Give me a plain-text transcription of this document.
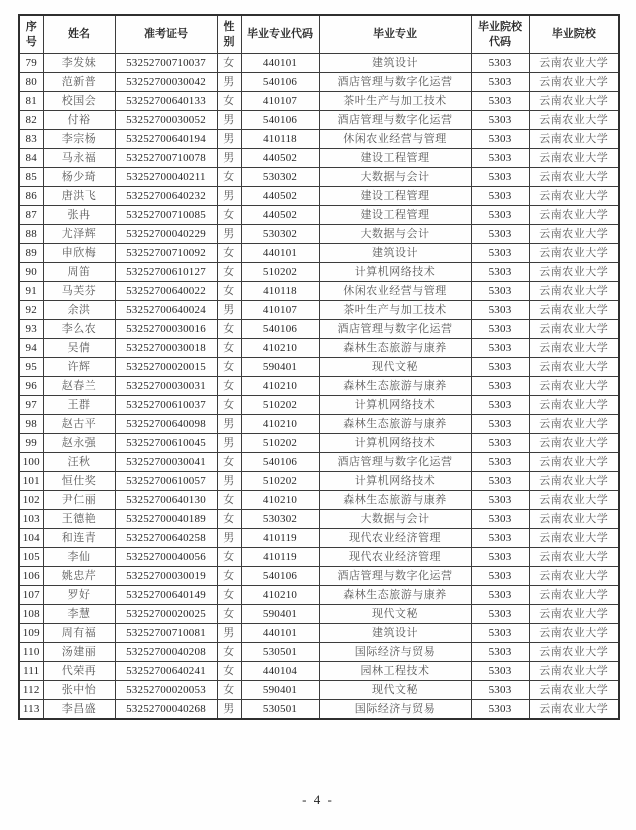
序号	姓名	准考证号	性别	毕业专业代码	毕业专业	毕业院校代码	毕业院校
79	李发妹	53252700710037	女	440101	建筑设计	5303	云南农业大学
80	范新普	53252700030042	男	540106	酒店管理与数字化运营	5303	云南农业大学
81	校国会	53252700640133	女	410107	茶叶生产与加工技术	5303	云南农业大学
82	付裕	53252700030052	男	540106	酒店管理与数字化运营	5303	云南农业大学
83	李宗杨	53252700640194	男	410118	休闲农业经营与管理	5303	云南农业大学
84	马永福	53252700710078	男	440502	建设工程管理	5303	云南农业大学
85	杨少琦	53252700040211	女	530302	大数据与会计	5303	云南农业大学
86	唐洪飞	53252700640232	男	440502	建设工程管理	5303	云南农业大学
87	张冉	53252700710085	女	440502	建设工程管理	5303	云南农业大学
88	尤泽辉	53252700040229	男	530302	大数据与会计	5303	云南农业大学
89	申欣梅	53252700710092	女	440101	建筑设计	5303	云南农业大学
90	周笛	53252700610127	女	510202	计算机网络技术	5303	云南农业大学
91	马芙芬	53252700640022	女	410118	休闲农业经营与管理	5303	云南农业大学
92	余洪	53252700640024	男	410107	茶叶生产与加工技术	5303	云南农业大学
93	李么农	53252700030016	女	540106	酒店管理与数字化运营	5303	云南农业大学
94	吴倩	53252700030018	女	410210	森林生态旅游与康养	5303	云南农业大学
95	许辉	53252700020015	女	590401	现代文秘	5303	云南农业大学
96	赵春兰	53252700030031	女	410210	森林生态旅游与康养	5303	云南农业大学
97	王群	53252700610037	女	510202	计算机网络技术	5303	云南农业大学
98	赵古平	53252700640098	男	410210	森林生态旅游与康养	5303	云南农业大学
99	赵永强	53252700610045	男	510202	计算机网络技术	5303	云南农业大学
100	汪秋	53252700030041	女	540106	酒店管理与数字化运营	5303	云南农业大学
101	恒仕奖	53252700610057	男	510202	计算机网络技术	5303	云南农业大学
102	尹仁丽	53252700640130	女	410210	森林生态旅游与康养	5303	云南农业大学
103	王德艳	53252700040189	女	530302	大数据与会计	5303	云南农业大学
104	和连青	53252700640258	男	410119	现代农业经济管理	5303	云南农业大学
105	李仙	53252700040056	女	410119	现代农业经济管理	5303	云南农业大学
106	姚忠芹	53252700030019	女	540106	酒店管理与数字化运营	5303	云南农业大学
107	罗好	53252700640149	女	410210	森林生态旅游与康养	5303	云南农业大学
108	李慧	53252700020025	女	590401	现代文秘	5303	云南农业大学
109	周有福	53252700710081	男	440101	建筑设计	5303	云南农业大学
110	汤建丽	53252700040208	女	530501	国际经济与贸易	5303	云南农业大学
111	代荣再	53252700640241	女	440104	园林工程技术	5303	云南农业大学
112	张中怡	53252700020053	女	590401	现代文秘	5303	云南农业大学
113	李昌盛	53252700040268	男	530501	国际经济与贸易	5303	云南农业大学
- 4 -
